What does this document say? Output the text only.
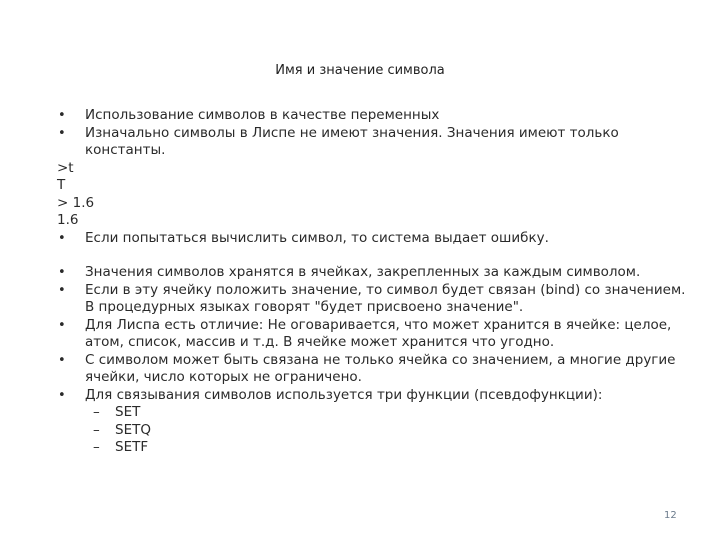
Имя и значение символа

• Использование символов в качестве переменных

• Изначально символы в Лиспе не имеют значения. Значения имеют только константы.

>t

T

> 1.6

1.6

• Если попытаться вычислить символ, то система выдает ошибку.

• Значения символов хранятся в ячейках, закрепленных за каждым символом.

• Если в эту ячейку положить значение, то символ будет связан (bind) со значением. В процедурных языках говорят "будет присвоено значение".

• Для Лиспа есть отличие: Не оговаривается, что может хранится в ячейке: целое, атом, список, массив и т.д. В ячейке может хранится что угодно.

• С символом может быть связана не только ячейка со значением, а многие другие ячейки, число которых не ограничено.

• Для связывания символов используется три функции (псевдофункции):

– SET

– SETQ

– SETF

12
